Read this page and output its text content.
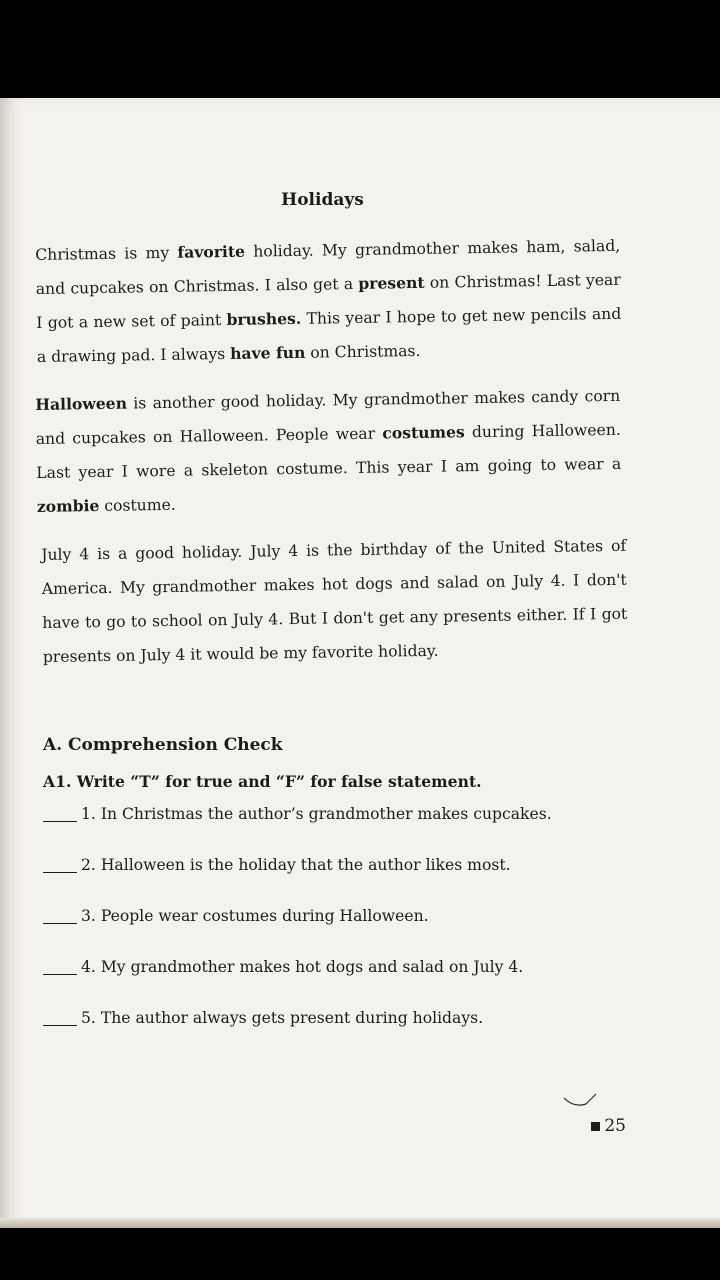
Holidays

Christmas is my favorite holiday. My grandmother makes ham, salad, and cupcakes on Christmas. I also get a present on Christmas! Last year I got a new set of paint brushes. This year I hope to get new pencils and a drawing pad. I always have fun on Christmas.

Halloween is another good holiday. My grandmother makes candy corn and cupcakes on Halloween. People wear costumes during Halloween. Last year I wore a skeleton costume. This year I am going to wear a zombie costume.

July 4 is a good holiday. July 4 is the birthday of the United States of America. My grandmother makes hot dogs and salad on July 4. I don't have to go to school on July 4. But I don't get any presents either. If I got presents on July 4 it would be my favorite holiday.

A. Comprehension Check
A1. Write “T” for true and “F” for false statement.
1. In Christmas the author’s grandmother makes cupcakes.
2. Halloween is the holiday that the author likes most.
3. People wear costumes during Halloween.
4. My grandmother makes hot dogs and salad on July 4.
5. The author always gets present during holidays.
25
